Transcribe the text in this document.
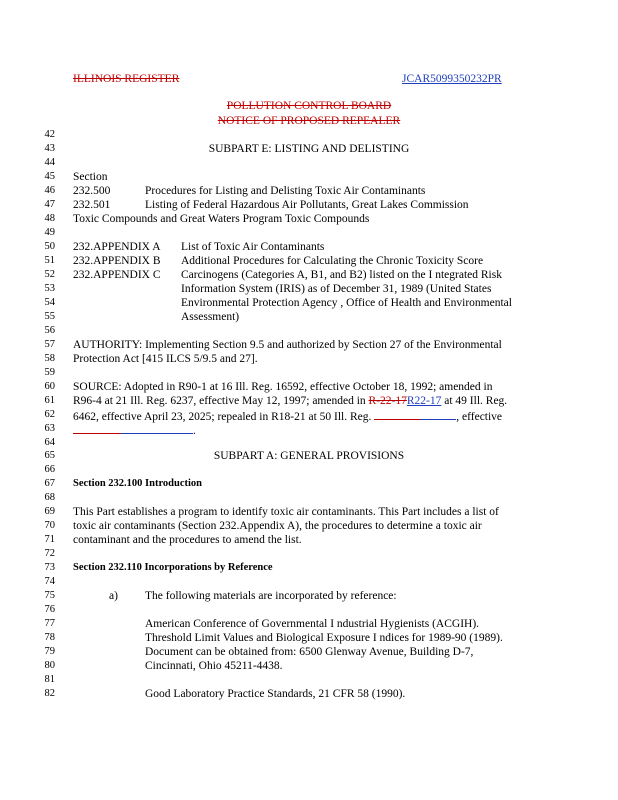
ILLINOIS REGISTER	JCAR5099350232PR
POLLUTION CONTROL BOARD
NOTICE OF PROPOSED REPEALER
42
43	SUBPART E: LISTING AND DELISTING
44
45 Section
46 232.500	Procedures for Listing and Delisting Toxic Air Contaminants
47 232.501	Listing of Federal Hazardous Air Pollutants, Great Lakes Commission
48 Toxic Compounds and Great Waters Program Toxic Compounds
49
50 232.APPENDIX A List of Toxic Air Contaminants
51 232.APPENDIX B Additional Procedures for Calculating the Chronic Toxicity Score
52 232.APPENDIX C Carcinogens (Categories A, B1, and B2) listed on the I ntegrated Risk
53	Information System (IRIS) as of December 31, 1989 (United States
54	Environmental Protection Agency , Office of Health and Environmental
55	Assessment)
56
57 AUTHORITY: Implementing Section 9.5 and authorized by Section 27 of the Environmental
58 Protection Act [415 ILCS 5/9.5 and 27].
59
60 SOURCE: Adopted in R90-1 at 16 Ill. Reg. 16592, effective October 18, 1992; amended in
61 R96-4 at 21 Ill. Reg. 6237, effective May 12, 1997; amended in R-22-17R22-17 at 49 Ill. Reg.
62 6462, effective April 23, 2025; repealed in R18-21 at 50 Ill. Reg.	, effective
63	.
64
65	SUBPART A: GENERAL PROVISIONS
66
67 Section 232.100 Introduction
68
69 This Part establishes a program to identify toxic air contaminants. This Part includes a list of
70 toxic air contaminants (Section 232.Appendix A), the procedures to determine a toxic air
71 contaminant and the procedures to amend the list.
72
73 Section 232.110 Incorporations by Reference
74
75	a) The following materials are incorporated by reference:
76
77	American Conference of Governmental I ndustrial Hygienists (ACGIH).
78	Threshold Limit Values and Biological Exposure I ndices for 1989-90 (1989).
79	Document can be obtained from: 6500 Glenway Avenue, Building D-7,
80	Cincinnati, Ohio 45211-4438.
81
82	Good Laboratory Practice Standards, 21 CFR 58 (1990).
